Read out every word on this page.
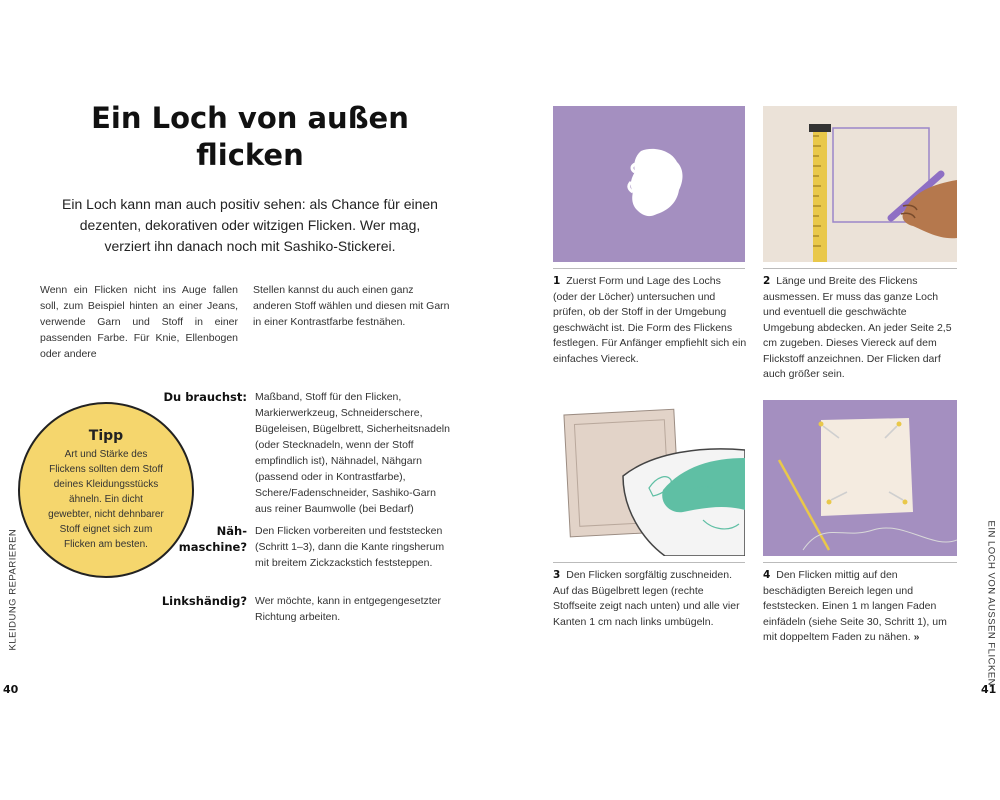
Ein Loch von außen flicken

Ein Loch kann man auch positiv sehen: als Chance für einen dezenten, dekorativen oder witzigen Flicken. Wer mag, verziert ihn danach noch mit Sashiko-Stickerei.

Wenn ein Flicken nicht ins Auge fallen soll, zum Beispiel hinten an einer Jeans, verwende Garn und Stoff in einer passenden Farbe. Für Knie, Ellenbogen oder andere

Stellen kannst du auch einen ganz anderen Stoff wählen und diesen mit Garn in einer Kontrastfarbe festnähen.

Tipp
Art und Stärke des Flickens sollten dem Stoff deines Kleidungsstücks ähneln. Ein dicht gewebter, nicht dehnbarer Stoff eignet sich zum Flicken am besten.
Du brauchst: Maßband, Stoff für den Flicken, Markierwerkzeug, Schneiderschere, Bügeleisen, Bügelbrett, Sicherheitsnadeln (oder Stecknadeln, wenn der Stoff empfindlich ist), Nähnadel, Nähgarn (passend oder in Kontrastfarbe), Schere/Fadenschneider, Sashiko-Garn aus reiner Baumwolle (bei Bedarf)
Näh-
maschine?
Den Flicken vorbereiten und feststecken (Schritt 1–3), dann die Kante ringsherum mit breitem Zickzackstich feststeppen.
Linkshändig? Wer möchte, kann in entgegengesetzter Richtung arbeiten.
KLEIDUNG REPARIEREN
40

1 Zuerst Form und Lage des Lochs (oder der Löcher) untersuchen und prüfen, ob der Stoff in der Umgebung geschwächt ist. Die Form des Flickens festlegen. Für Anfänger empfiehlt sich ein einfaches Viereck.

2 Länge und Breite des Flickens ausmessen. Er muss das ganze Loch und eventuell die geschwächte Umgebung abdecken. An jeder Seite 2,5 cm zugeben. Dieses Viereck auf dem Flickstoff anzeichnen. Der Flicken darf auch größer sein.

3 Den Flicken sorgfältig zuschneiden. Auf das Bügelbrett legen (rechte Stoffseite zeigt nach unten) und alle vier Kanten 1 cm nach links umbügeln.

4 Den Flicken mittig auf den beschädigten Bereich legen und feststecken. Einen 1 m langen Faden einfädeln (siehe Seite 30, Schritt 1), um mit doppeltem Faden zu nähen. »	EIN LOCH VON AUSSEN FLICKEN
41
